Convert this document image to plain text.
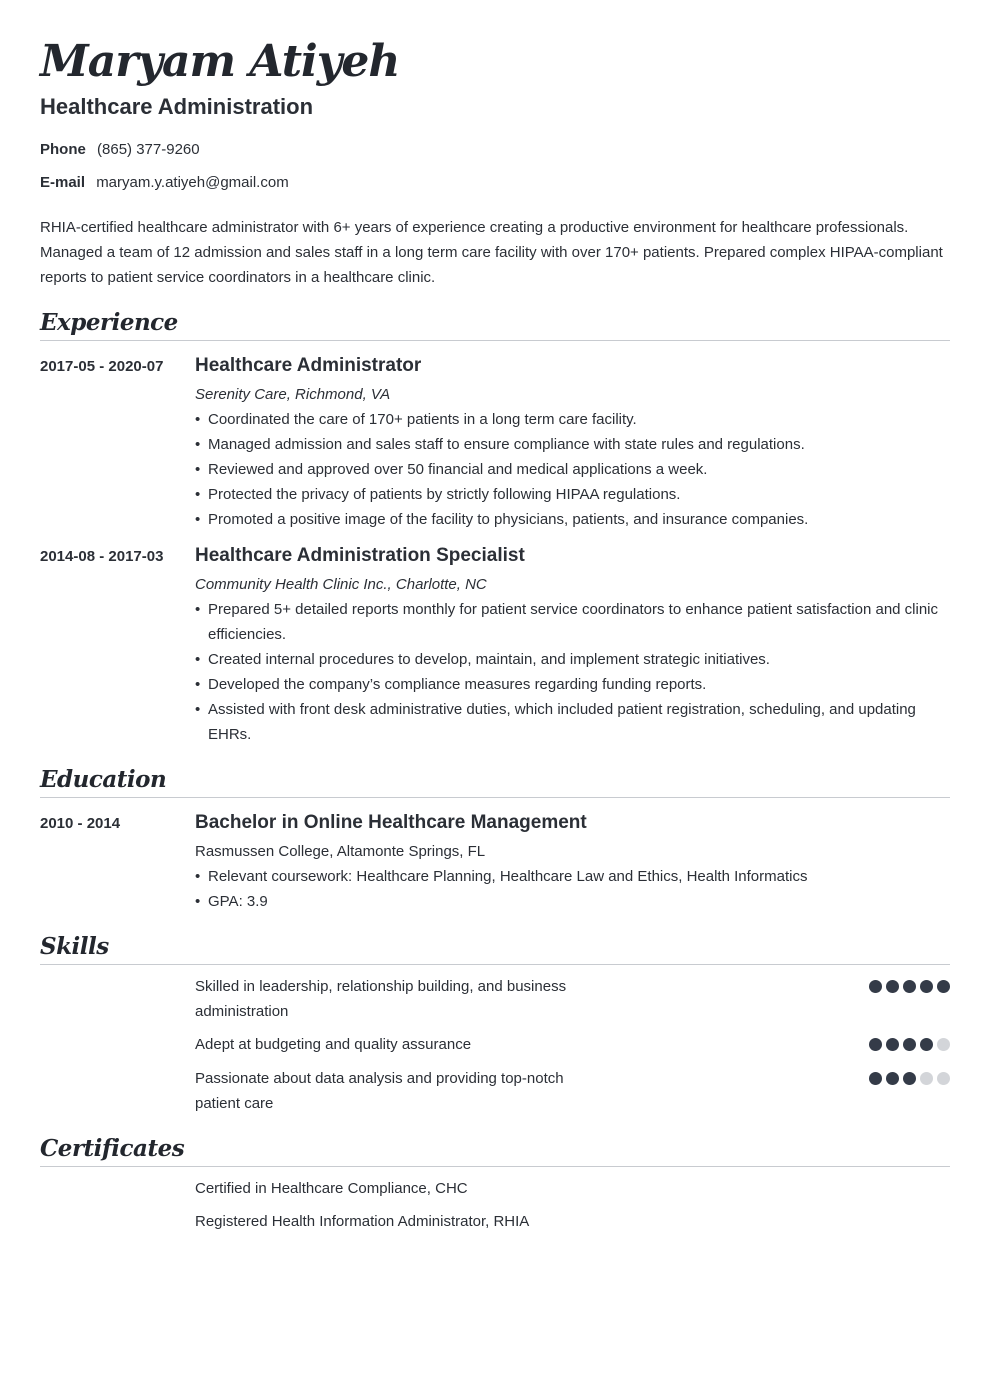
Maryam Atiyeh
Healthcare Administration
Phone (865) 377-9260
E-mail maryam.y.atiyeh@gmail.com
RHIA-certified healthcare administrator with 6+ years of experience creating a productive environment for healthcare professionals. Managed a team of 12 admission and sales staff in a long term care facility with over 170+ patients. Prepared complex HIPAA-compliant reports to patient service coordinators in a healthcare clinic.
Experience
2017-05 - 2020-07 Healthcare Administrator
Serenity Care, Richmond, VA
• Coordinated the care of 170+ patients in a long term care facility.
• Managed admission and sales staff to ensure compliance with state rules and regulations.
• Reviewed and approved over 50 financial and medical applications a week.
• Protected the privacy of patients by strictly following HIPAA regulations.
• Promoted a positive image of the facility to physicians, patients, and insurance companies.
2014-08 - 2017-03 Healthcare Administration Specialist
Community Health Clinic Inc., Charlotte, NC
• Prepared 5+ detailed reports monthly for patient service coordinators to enhance patient satisfaction and clinic efficiencies.
• Created internal procedures to develop, maintain, and implement strategic initiatives.
• Developed the company’s compliance measures regarding funding reports.
• Assisted with front desk administrative duties, which included patient registration, scheduling, and updating EHRs.
Education
2010 - 2014	Bachelor in Online Healthcare Management
Rasmussen College, Altamonte Springs, FL
• Relevant coursework: Healthcare Planning, Healthcare Law and Ethics, Health Informatics
• GPA: 3.9
Skills
Skilled in leadership, relationship building, and business administration
Adept at budgeting and quality assurance
Passionate about data analysis and providing top-notch patient care
Certificates
Certified in Healthcare Compliance, CHC
Registered Health Information Administrator, RHIA
